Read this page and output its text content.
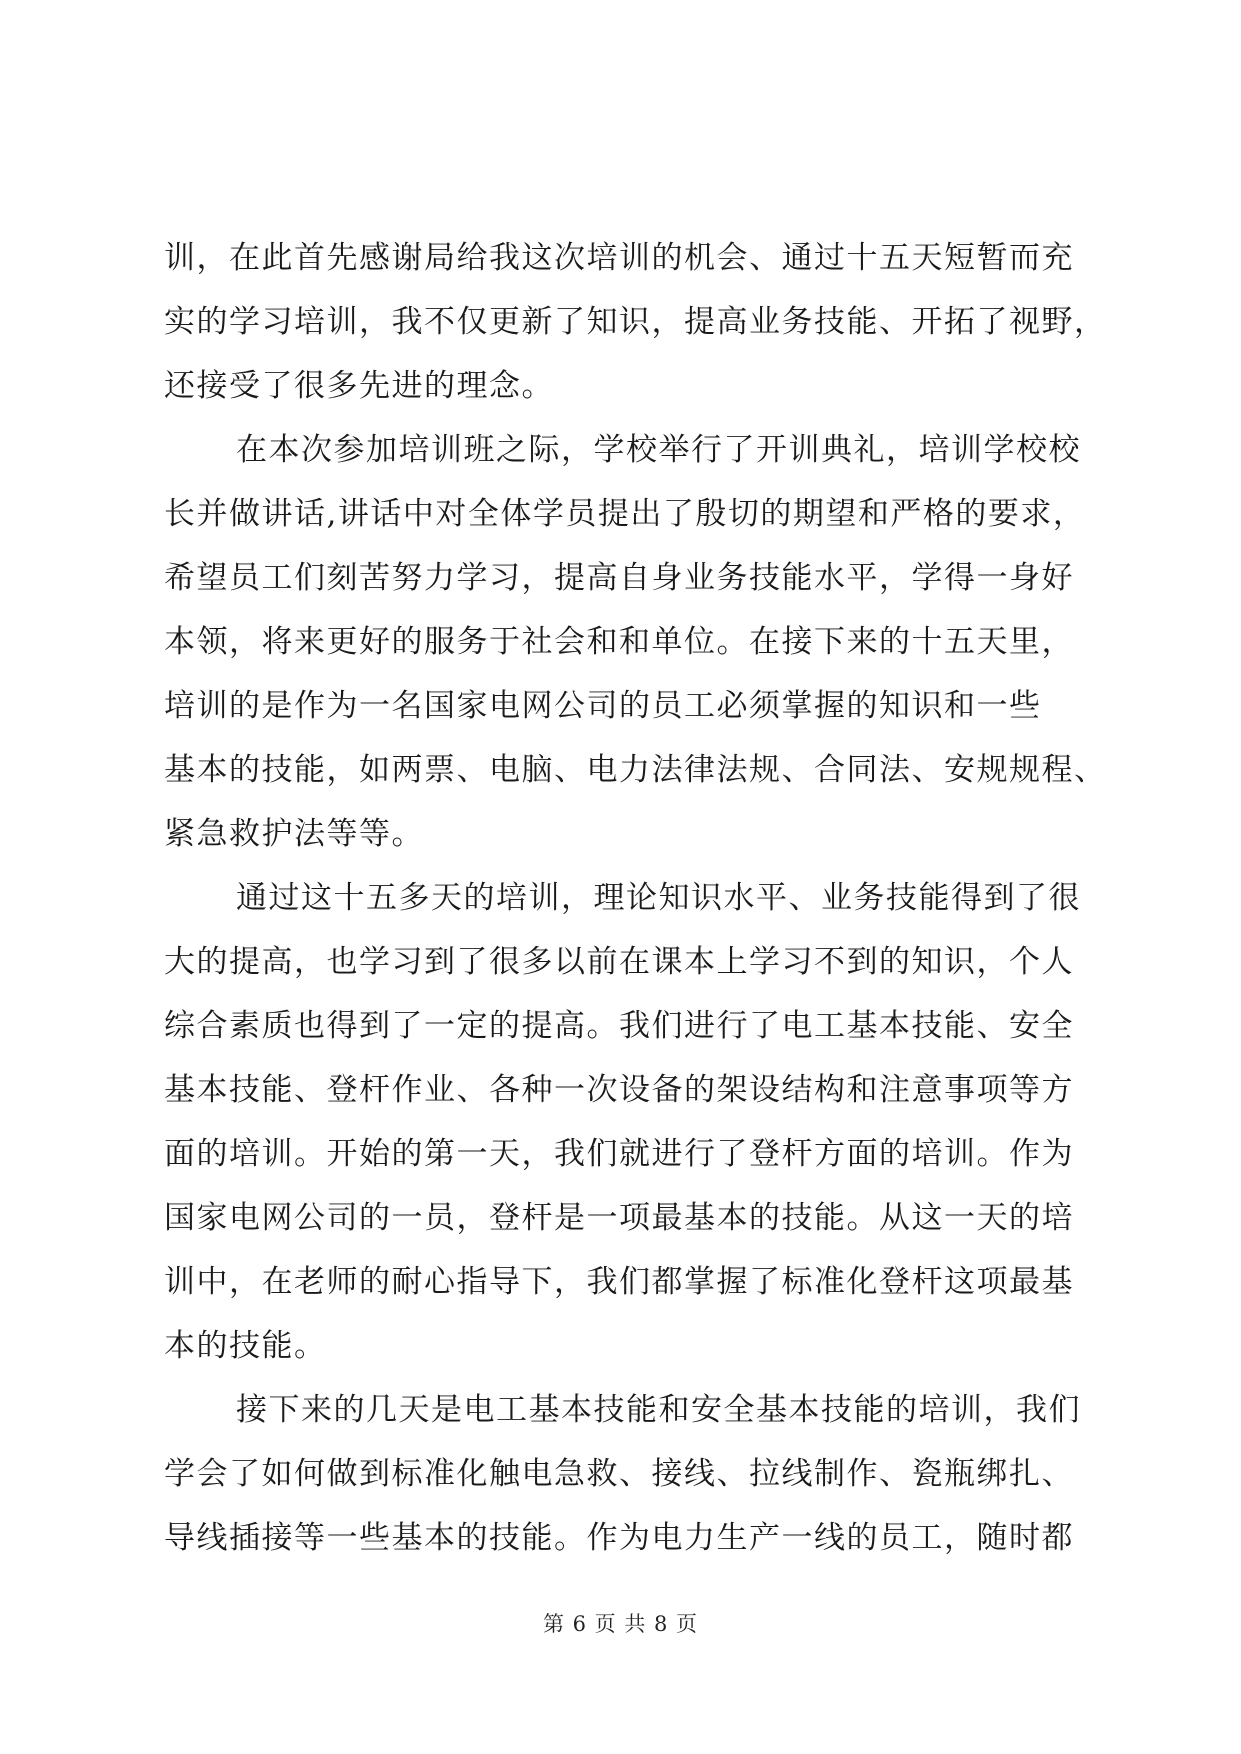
训，在此首先感谢局给我这次培训的机会、通过十五天短暂而充
实的学习培训，我不仅更新了知识，提高业务技能、开拓了视野，
还接受了很多先进的理念。
在本次参加培训班之际，学校举行了开训典礼，培训学校校
长并做讲话,讲话中对全体学员提出了殷切的期望和严格的要求，
希望员工们刻苦努力学习，提高自身业务技能水平，学得一身好
本领，将来更好的服务于社会和和单位。在接下来的十五天里，
培训的是作为一名国家电网公司的员工必须掌握的知识和一些
基本的技能，如两票、电脑、电力法律法规、合同法、安规规程、
紧急救护法等等。
通过这十五多天的培训，理论知识水平、业务技能得到了很
大的提高，也学习到了很多以前在课本上学习不到的知识，个人
综合素质也得到了一定的提高。我们进行了电工基本技能、安全
基本技能、登杆作业、各种一次设备的架设结构和注意事项等方
面的培训。开始的第一天，我们就进行了登杆方面的培训。作为
国家电网公司的一员，登杆是一项最基本的技能。从这一天的培
训中，在老师的耐心指导下，我们都掌握了标准化登杆这项最基
本的技能。
接下来的几天是电工基本技能和安全基本技能的培训，我们
学会了如何做到标准化触电急救、接线、拉线制作、瓷瓶绑扎、
导线插接等一些基本的技能。作为电力生产一线的员工，随时都
第 6 页 共 8 页
